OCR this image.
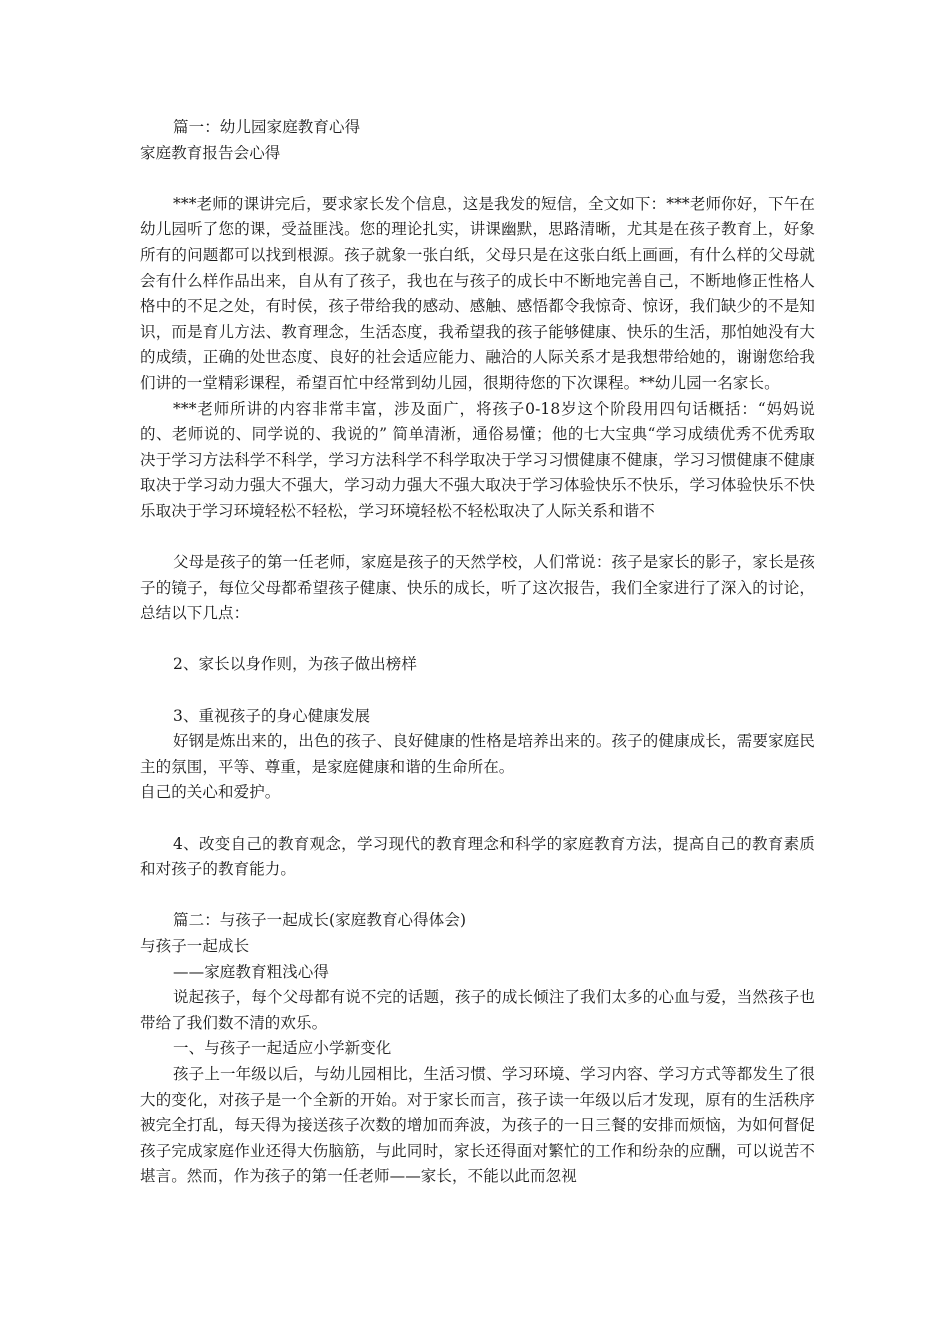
篇一：幼儿园家庭教育心得

家庭教育报告会心得

***老师的课讲完后，要求家长发个信息，这是我发的短信，全文如下：***老师你好，下午在幼儿园听了您的课，受益匪浅。您的理论扎实，讲课幽默，思路清晰，尤其是在孩子教育上，好象所有的问题都可以找到根源。孩子就象一张白纸，父母只是在这张白纸上画画，有什么样的父母就会有什么样作品出来，自从有了孩子，我也在与孩子的成长中不断地完善自己，不断地修正性格人格中的不足之处，有时侯，孩子带给我的感动、感触、感悟都令我惊奇、惊讶，我们缺少的不是知识，而是育儿方法、教育理念，生活态度，我希望我的孩子能够健康、快乐的生活，那怕她没有大的成绩，正确的处世态度、良好的社会适应能力、融洽的人际关系才是我想带给她的，谢谢您给我们讲的一堂精彩课程，希望百忙中经常到幼儿园，很期待您的下次课程。**幼儿园一名家长。

***老师所讲的内容非常丰富，涉及面广，将孩子0-18岁这个阶段用四句话概括：“妈妈说的、老师说的、同学说的、我说的” 简单清淅，通俗易懂；他的七大宝典“学习成绩优秀不优秀取决于学习方法科学不科学，学习方法科学不科学取决于学习习惯健康不健康，学习习惯健康不健康取决于学习动力强大不强大，学习动力强大不强大取决于学习体验快乐不快乐，学习体验快乐不快乐取决于学习环境轻松不轻松，学习环境轻松不轻松取决了人际关系和谐不

父母是孩子的第一任老师，家庭是孩子的天然学校，人们常说：孩子是家长的影子，家长是孩子的镜子，每位父母都希望孩子健康、快乐的成长，听了这次报告，我们全家进行了深入的讨论，总结以下几点：

2、家长以身作则，为孩子做出榜样

3、重视孩子的身心健康发展

好钢是炼出来的，出色的孩子、良好健康的性格是培养出来的。孩子的健康成长，需要家庭民主的氛围，平等、尊重，是家庭健康和谐的生命所在。

自己的关心和爱护。

4、改变自己的教育观念，学习现代的教育理念和科学的家庭教育方法，提高自己的教育素质和对孩子的教育能力。

篇二：与孩子一起成长(家庭教育心得体会)

与孩子一起成长

——家庭教育粗浅心得

说起孩子，每个父母都有说不完的话题，孩子的成长倾注了我们太多的心血与爱，当然孩子也带给了我们数不清的欢乐。

一、与孩子一起适应小学新变化

孩子上一年级以后，与幼儿园相比，生活习惯、学习环境、学习内容、学习方式等都发生了很大的变化，对孩子是一个全新的开始。对于家长而言，孩子读一年级以后才发现，原有的生活秩序被完全打乱，每天得为接送孩子次数的增加而奔波，为孩子的一日三餐的安排而烦恼，为如何督促孩子完成家庭作业还得大伤脑筋，与此同时，家长还得面对繁忙的工作和纷杂的应酬，可以说苦不堪言。然而，作为孩子的第一任老师——家长，不能以此而忽视
